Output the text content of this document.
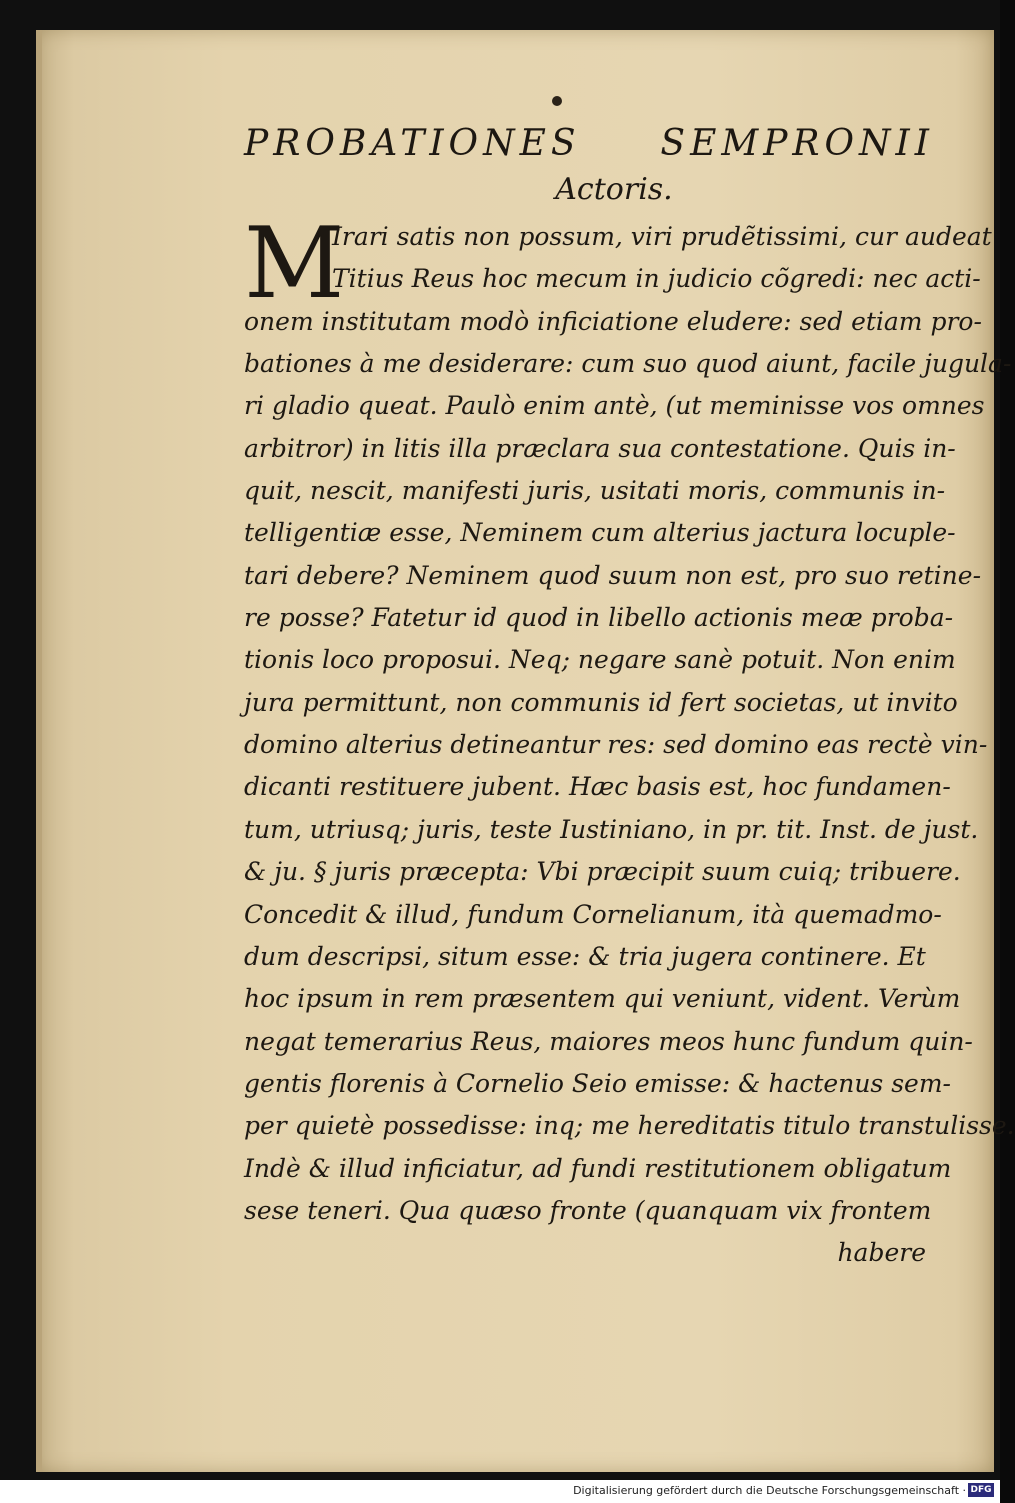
PROBATIONES SEMPRONII
Actoris.
M
Irari satis non possum, viri prudẽtissimi, cur audeat
Titius Reus hoc mecum in judicio cõgredi: nec acti-
onem institutam modò inficiatione eludere: sed etiam pro-
bationes à me desiderare: cum suo quod aiunt, facile jugula-
ri gladio queat. Paulò enim antè, (ut meminisse vos omnes
arbitror) in litis illa præclara sua contestatione. Quis in-
quit, nescit, manifesti juris, usitati moris, communis in-
telligentiæ esse, Neminem cum alterius jactura locuple-
tari debere? Neminem quod suum non est, pro suo retine-
re posse? Fatetur id quod in libello actionis meæ proba-
tionis loco proposui. Neq; negare sanè potuit. Non enim
jura permittunt, non communis id fert societas, ut invito
domino alterius detineantur res: sed domino eas rectè vin-
dicanti restituere jubent. Hæc basis est, hoc fundamen-
tum, utriusq; juris, teste Iustiniano, in pr. tit. Inst. de just.
& ju. § juris præcepta: Vbi præcipit suum cuiq; tribuere.
Concedit & illud, fundum Cornelianum, ità quemadmo-
dum descripsi, situm esse: & tria jugera continere. Et
hoc ipsum in rem præsentem qui veniunt, vident. Verùm
negat temerarius Reus, maiores meos hunc fundum quin-
gentis florenis à Cornelio Seio emisse: & hactenus sem-
per quietè possedisse: inq; me hereditatis titulo transtulisse.
Indè & illud inficiatur, ad fundi restitutionem obligatum
sese teneri. Qua quæso fronte (quanquam vix frontem
habere
Digitalisierung gefördert durch die Deutsche Forschungsgemeinschaft · DFG
